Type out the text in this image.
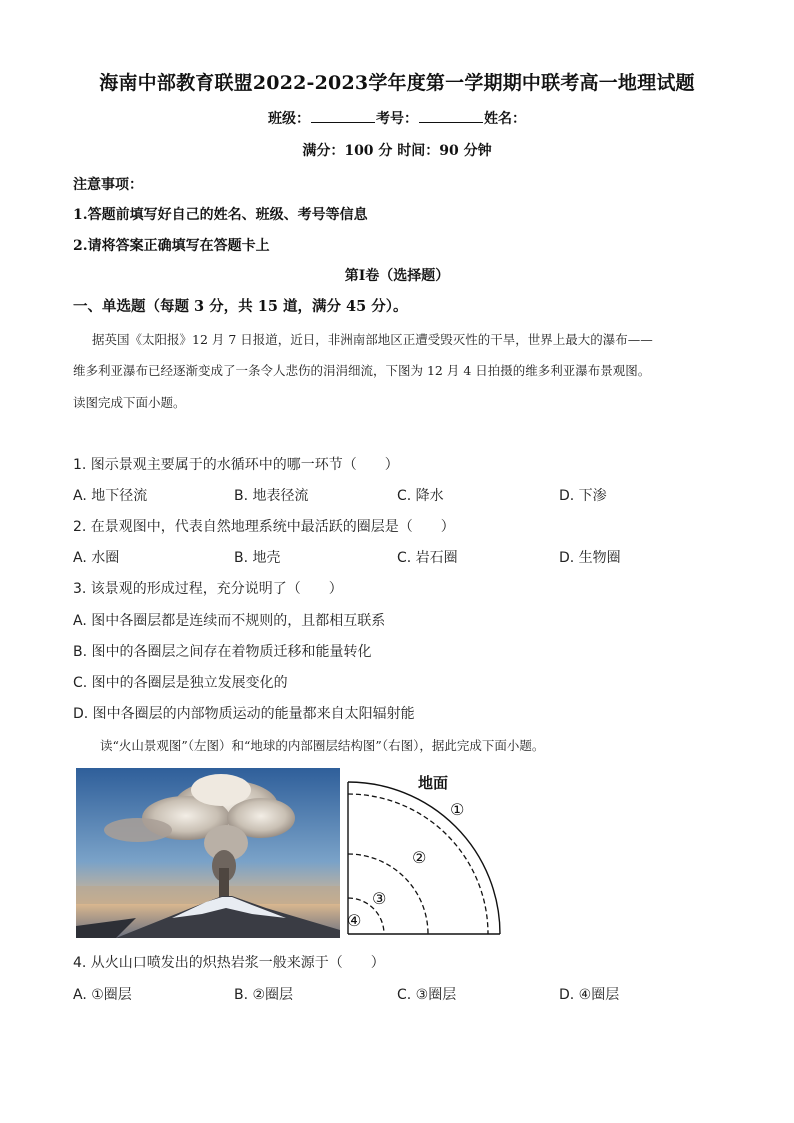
海南中部教育联盟2022-2023学年度第一学期期中联考高一地理试题
班级：	考号：	姓名：
满分：100 分 时间：90 分钟
注意事项：
1.答题前填写好自己的姓名、班级、考号等信息
2.请将答案正确填写在答题卡上
第Ⅰ卷（选择题）
一、单选题（每题 3 分，共 15 道，满分 45 分）。
据英国《太阳报》12 月 7 日报道，近日，非洲南部地区正遭受毁灭性的干旱，世界上最大的瀑布——
维多利亚瀑布已经逐渐变成了一条令人悲伤的涓涓细流，下图为 12 月 4 日拍摄的维多利亚瀑布景观图。
读图完成下面小题。
1. 图示景观主要属于的水循环中的哪一环节（　　）
A. 地下径流	B. 地表径流	C. 降水	D. 下渗
2. 在景观图中，代表自然地理系统中最活跃的圈层是（　　）
A. 水圈	B. 地壳	C. 岩石圈	D. 生物圈
3. 该景观的形成过程，充分说明了（　　）
A. 图中各圈层都是连续而不规则的，且都相互联系
B. 图中的各圈层之间存在着物质迁移和能量转化
C. 图中的各圈层是独立发展变化的
D. 图中各圈层的内部物质运动的能量都来自太阳辐射能
读“火山景观图”（左图）和“地球的内部圈层结构图”（右图），据此完成下面小题。
地面
①
②
③
④
4. 从火山口喷发出的炽热岩浆一般来源于（　　）
A. ①圈层	B. ②圈层	C. ③圈层	D. ④圈层
